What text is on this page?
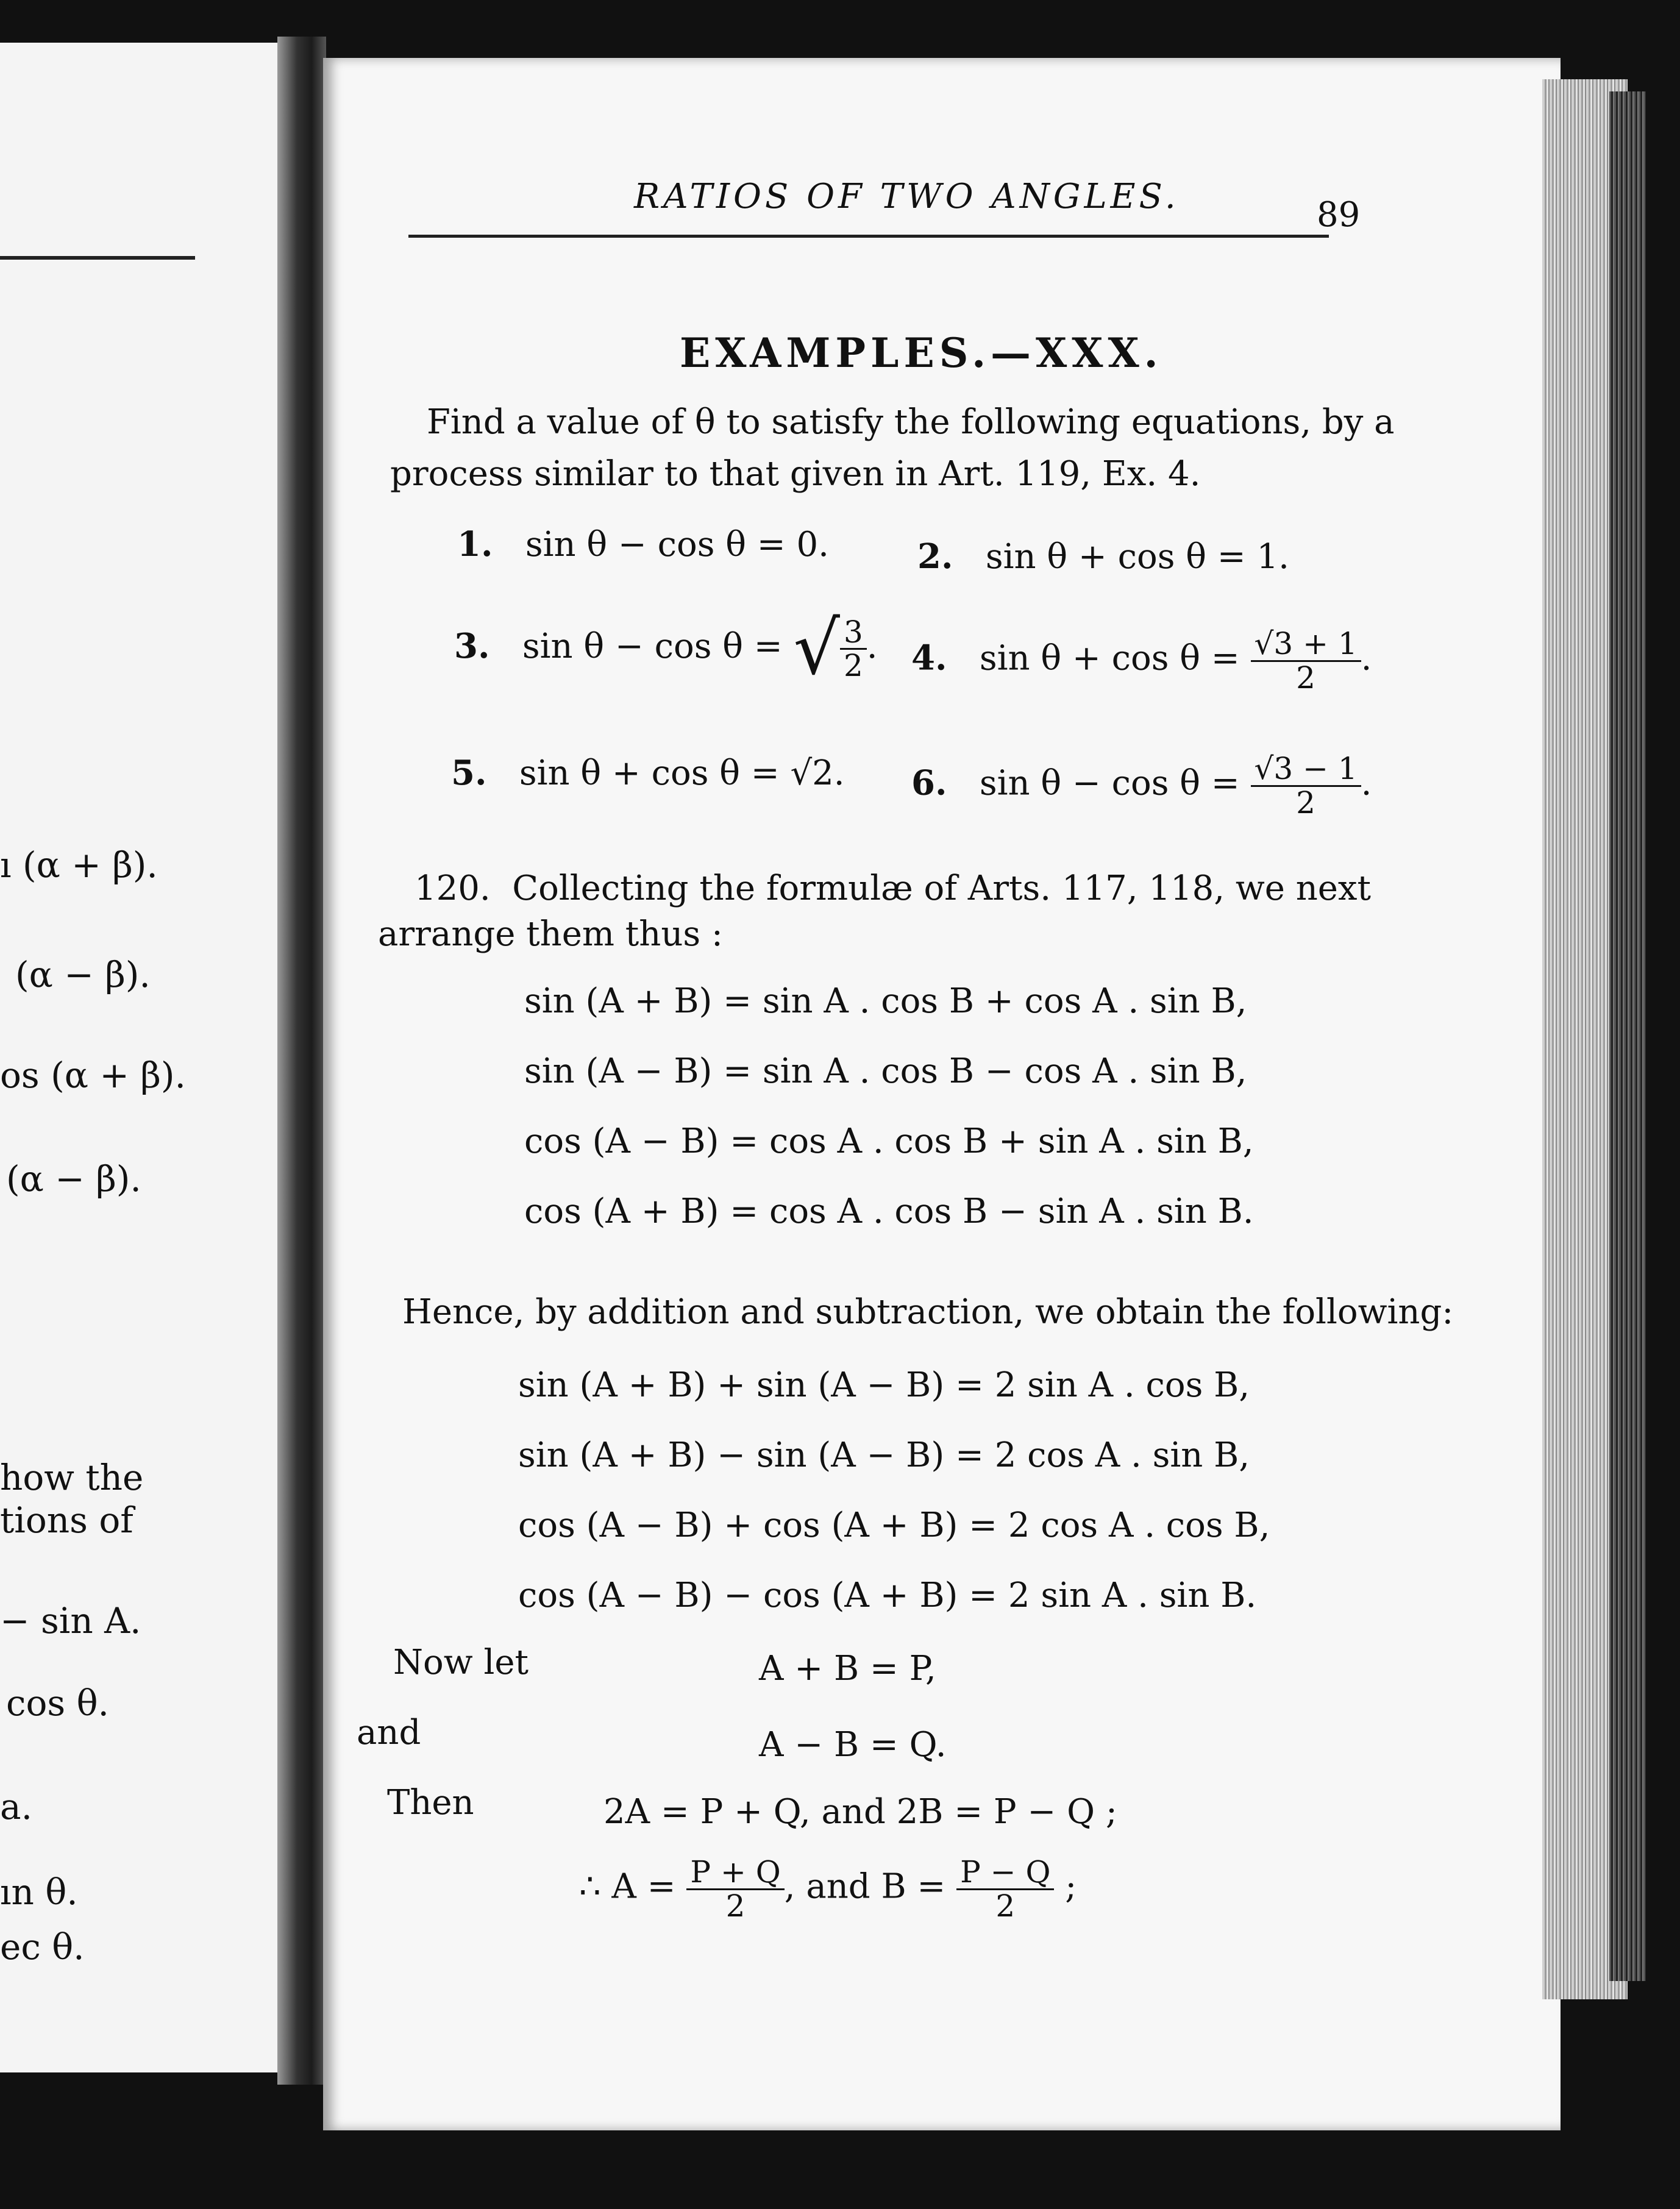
ı (α + β).
(α − β).
os (α + β).
(α − β).
how the
tions of
− sin A.
cos θ.
a.
ın θ.
ec θ.
RATIOS OF TWO ANGLES.	89
EXAMPLES.—XXX.
Find a value of θ to satisfy the following equations, by a
process similar to that given in Art. 119, Ex. 4.
1. sin θ − cos θ = 0.	2. sin θ + cos θ = 1.
3. sin θ − cos θ = √ $\frac{3}{2}$ . 4. $\sin \theta + \cos \theta = \frac{√3 + 1}{2}$ .
5. sin θ + cos θ = √2. 6. $\sin \theta - \cos \theta = \frac{√3 - 1}{2}$ .
120. Collecting the formulæ of Arts. 117, 118, we next
arrange them thus :
sin (A + B) = sin A . cos B + cos A . sin B,
sin (A − B) = sin A . cos B − cos A . sin B,
cos (A − B) = cos A . cos B + sin A . sin B,
cos (A + B) = cos A . cos B − sin A . sin B.
Hence, by addition and subtraction, we obtain the following:
sin (A + B) + sin (A − B) = 2 sin A . cos B,
sin (A + B) − sin (A − B) = 2 cos A . sin B,
cos (A − B) + cos (A + B) = 2 cos A . cos B,
cos (A − B) − cos (A + B) = 2 sin A . sin B.
Now let	A + B = P,
and	A − B = Q.
Then	2A = P + Q, and 2B = P − Q ;
∴ $A = \frac{P + Q}{2}$ , and $B = \frac{P - Q}{2}$ ;
